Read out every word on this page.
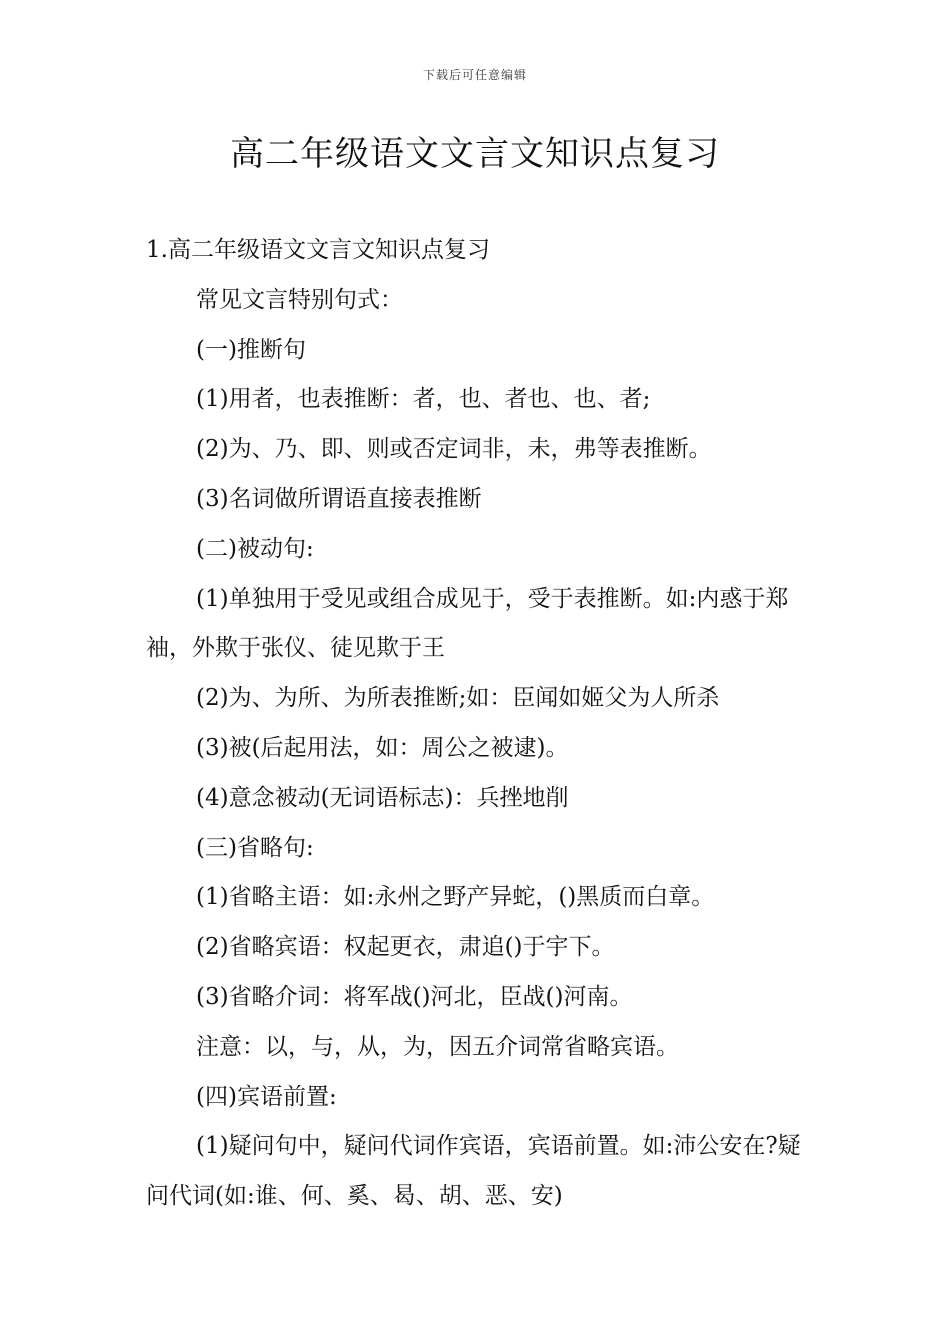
下载后可任意编辑
高二年级语文文言文知识点复习

1.高二年级语文文言文知识点复习

常见文言特别句式：

(一)推断句

(1)用者，也表推断：者，也、者也、也、者;

(2)为、乃、即、则或否定词非，未，弗等表推断。

(3)名词做所谓语直接表推断

(二)被动句:

(1)单独用于受见或组合成见于，受于表推断。如:内惑于郑袖，外欺于张仪、徒见欺于王

(2)为、为所、为所表推断;如：臣闻如姬父为人所杀

(3)被(后起用法，如：周公之被逮)。

(4)意念被动(无词语标志)：兵挫地削

(三)省略句:

(1)省略主语：如:永州之野产异蛇，()黑质而白章。

(2)省略宾语：权起更衣，肃追()于宇下。

(3)省略介词：将军战()河北，臣战()河南。

注意：以，与，从，为，因五介词常省略宾语。

(四)宾语前置:

(1)疑问句中，疑问代词作宾语，宾语前置。如:沛公安在?疑问代词(如:谁、何、奚、曷、胡、恶、安)
